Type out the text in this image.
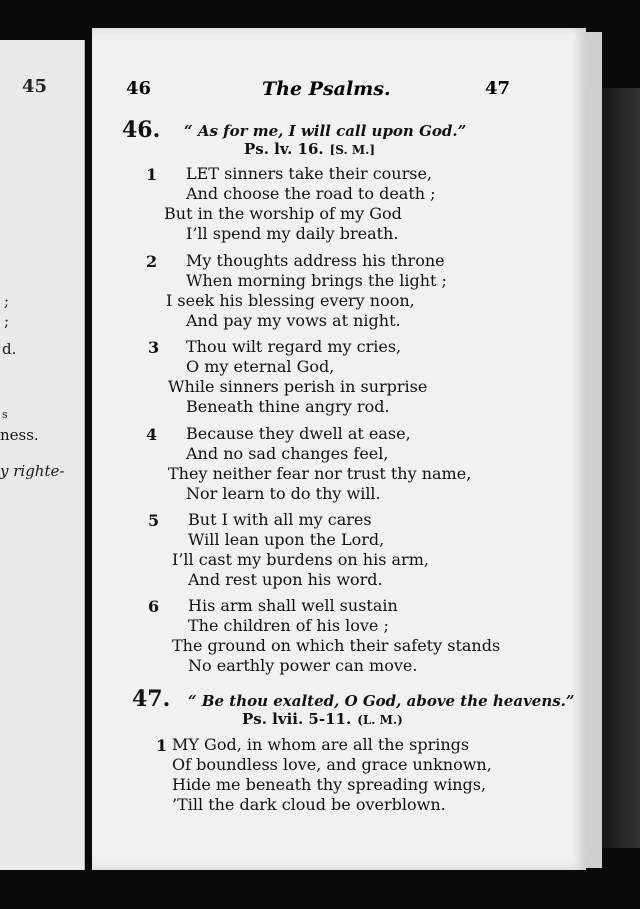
45
;
;
d.
s
ness.
y righte-
46	The Psalms.	47
46. “ As for me, I will call upon God.”
Ps. lv. 16. [S. M.]
1 LET sinners take their course,
And choose the road to death ;
But in the worship of my God
I’ll spend my daily breath.
2 My thoughts address his throne
When morning brings the light ;
I seek his blessing every noon,
And pay my vows at night.
3 Thou wilt regard my cries,
O my eternal God,
While sinners perish in surprise
Beneath thine angry rod.
4 Because they dwell at ease,
And no sad changes feel,
They neither fear nor trust thy name,
Nor learn to do thy will.
5 But I with all my cares
Will lean upon the Lord,
I’ll cast my burdens on his arm,
And rest upon his word.
6 His arm shall well sustain
The children of his love ;
The ground on which their safety stands
No earthly power can move.
47. “ Be thou exalted, O God, above the heavens.”
Ps. lvii. 5-11. (L. M.)
1 MY God, in whom are all the springs
Of boundless love, and grace unknown,
Hide me beneath thy spreading wings,
’Till the dark cloud be overblown.
